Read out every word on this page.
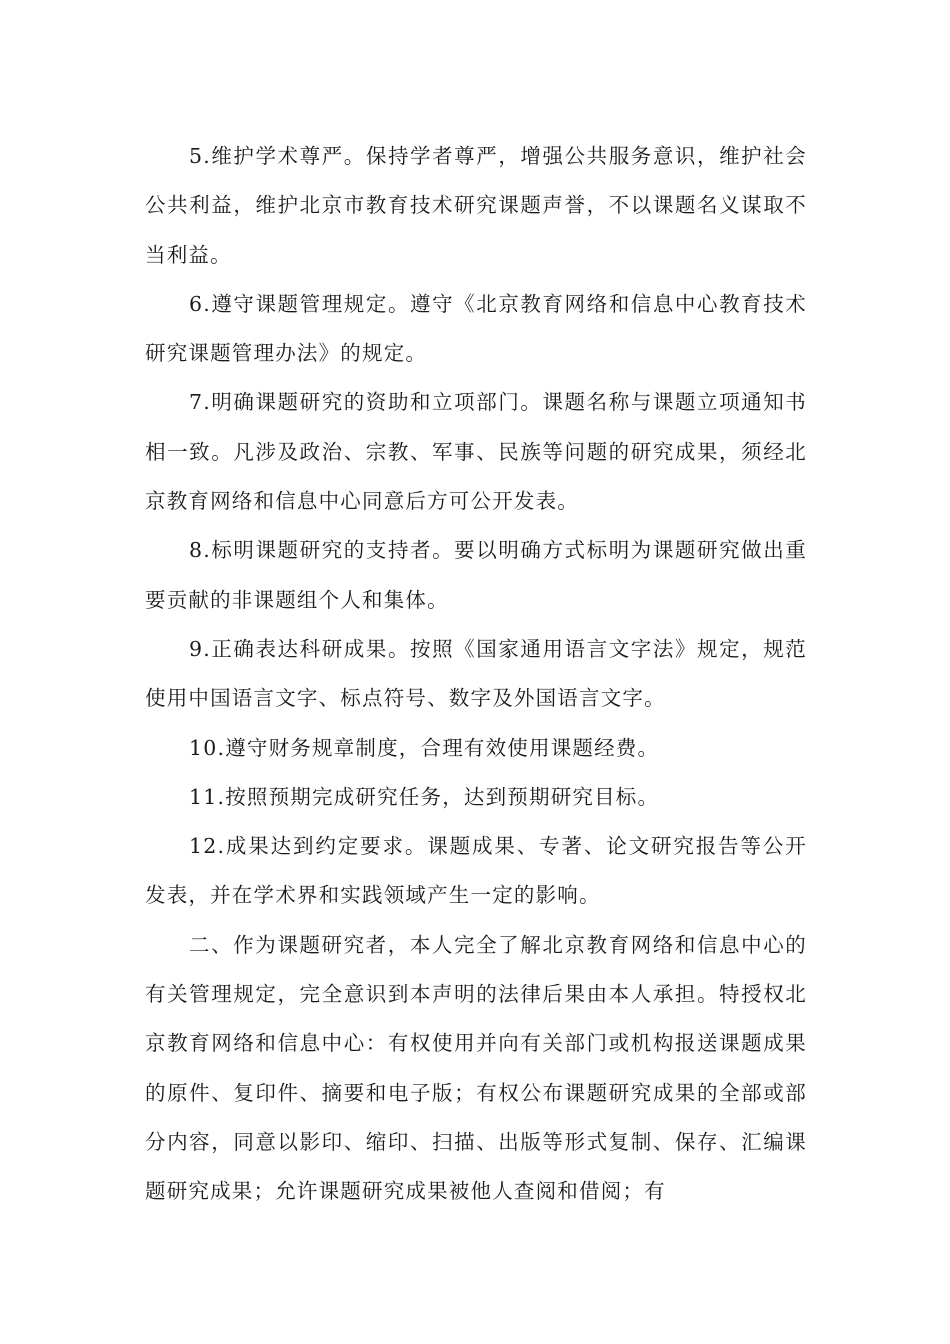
5.维护学术尊严。保持学者尊严，增强公共服务意识，维护社会公共利益，维护北京市教育技术研究课题声誉，不以课题名义谋取不当利益。

6.遵守课题管理规定。遵守《北京教育网络和信息中心教育技术研究课题管理办法》的规定。

7.明确课题研究的资助和立项部门。课题名称与课题立项通知书相一致。凡涉及政治、宗教、军事、民族等问题的研究成果，须经北京教育网络和信息中心同意后方可公开发表。

8.标明课题研究的支持者。要以明确方式标明为课题研究做出重要贡献的非课题组个人和集体。

9.正确表达科研成果。按照《国家通用语言文字法》规定，规范使用中国语言文字、标点符号、数字及外国语言文字。

10.遵守财务规章制度，合理有效使用课题经费。

11.按照预期完成研究任务，达到预期研究目标。

12.成果达到约定要求。课题成果、专著、论文研究报告等公开发表，并在学术界和实践领域产生一定的影响。

二、作为课题研究者，本人完全了解北京教育网络和信息中心的有关管理规定，完全意识到本声明的法律后果由本人承担。特授权北京教育网络和信息中心：有权使用并向有关部门或机构报送课题成果的原件、复印件、摘要和电子版；有权公布课题研究成果的全部或部分内容，同意以影印、缩印、扫描、出版等形式复制、保存、汇编课题研究成果；允许课题研究成果被他人查阅和借阅；有
